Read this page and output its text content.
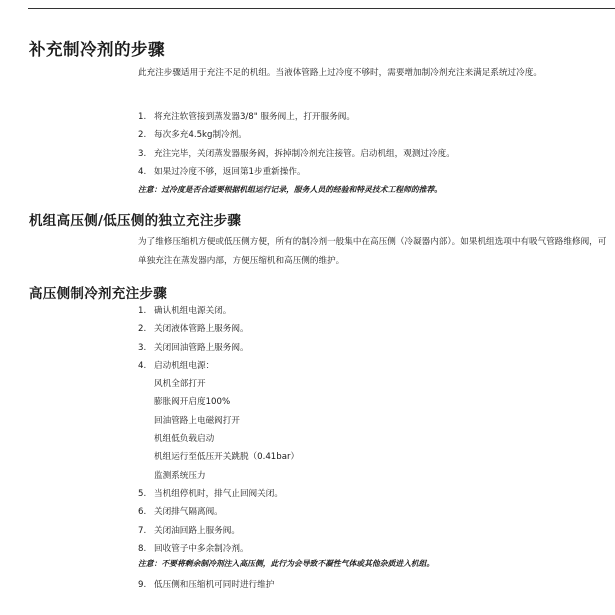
补充制冷剂的步骤
此充注步骤适用于充注不足的机组。当液体管路上过冷度不够时，需要增加制冷剂充注来满足系统过冷度。
1. 将充注软管接到蒸发器3/8" 服务阀上，打开服务阀。
2. 每次多充4.5kg制冷剂。
3. 充注完毕，关闭蒸发器服务阀，拆掉制冷剂充注接管。启动机组，观测过冷度。
4. 如果过冷度不够，返回第1步重新操作。
注意：过冷度是否合适要根据机组运行记录，服务人员的经验和特灵技术工程师的推荐。
机组高压侧/低压侧的独立充注步骤
为了维修压缩机方便或低压侧方便，所有的制冷剂一般集中在高压侧（冷凝器内部）。如果机组选项中有吸气管路维修阀，可单独充注在蒸发器内部，方便压缩机和高压侧的维护。
高压侧制冷剂充注步骤
1. 确认机组电源关闭。
2. 关闭液体管路上服务阀。
3. 关闭回油管路上服务阀。
4. 启动机组电源：
风机全部打开
膨胀阀开启度100%
回油管路上电磁阀打开
机组低负载启动
机组运行至低压开关跳脱（0.41bar）
监测系统压力
5. 当机组停机时，排气止回阀关闭。
6. 关闭排气隔离阀。
7. 关闭油回路上服务阀。
8. 回收管子中多余制冷剂。
注意：不要将剩余制冷剂注入高压侧，此行为会导致不凝性气体或其他杂质进入机组。
9. 低压侧和压缩机可同时进行维护
